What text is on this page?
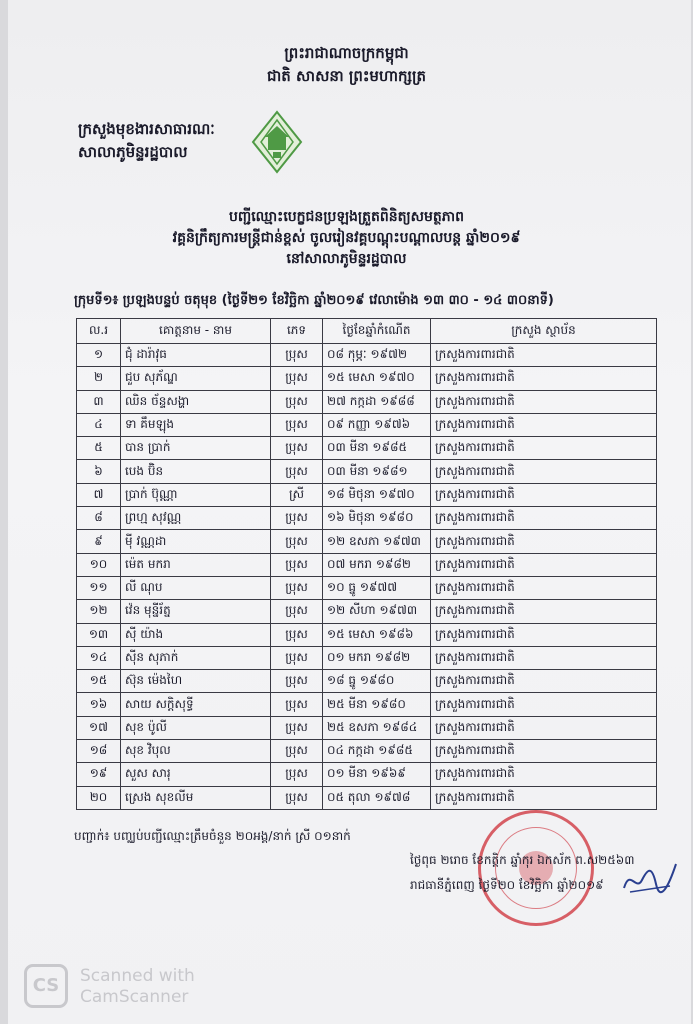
ព្រះរាជាណាចក្រកម្ពុជា
ជាតិ សាសនា ព្រះមហាក្សត្រ
ក្រសួងមុខងារសាធារណៈ
សាលាភូមិន្ទរដ្ឋបាល
បញ្ជីឈ្មោះបេក្ខជនប្រឡងត្រួតពិនិត្យសមត្ថភាព
វគ្គនិក្រឹត្យការមន្ត្រីជាន់ខ្ពស់ ចូលរៀនវគ្គបណ្តុះបណ្តាលបន្ត ឆ្នាំ២០១៩
នៅសាលាភូមិន្ទរដ្ឋបាល
ក្រុមទី១៖ ប្រឡងបន្ទប់ ចតុមុខ (ថ្ងៃទី២១ ខែវិច្ឆិកា ឆ្នាំ២០១៩ វេលាម៉ោង ១៣ ៣០ - ១៤ ៣០នាទី)
ល.រ	គោត្តនាម - នាម	ភេទ	ថ្ងៃខែឆ្នាំកំណើត	ក្រសួង ស្ថាប័ន
១	ជុំ ដារ៉ាវុធ	ប្រុស	០៨ កុម្ភៈ ១៩៧២	ក្រសួងការពារជាតិ
២	ជួប សុភ័ណ្ឌ	ប្រុស	១៥ មេសា ១៩៧០	ក្រសួងការពារជាតិ
៣	ឈិន ច័ន្ទសង្ហា	ប្រុស	២៧ កក្កដា ១៩៨៨	ក្រសួងការពារជាតិ
៤	ទា គឹមឡុង	ប្រុស	០៩ កញ្ញា ១៩៧៦	ក្រសួងការពារជាតិ
៥	បាន ប្រាក់	ប្រុស	០៣ មីនា ១៩៨៥	ក្រសួងការពារជាតិ
៦	បេង ប៊ិន	ប្រុស	០៣ មីនា ១៩៨១	ក្រសួងការពារជាតិ
៧	ប្រាក់ ប៊ុណ្ណា	ស្រី	១៨ មិថុនា ១៩៧០	ក្រសួងការពារជាតិ
៨	ព្រហ្ម សុវណ្ណ	ប្រុស	១៦ មិថុនា ១៩៨០	ក្រសួងការពារជាតិ
៩	ម៉ី វណ្ណដា	ប្រុស	១២ ឧសភា ១៩៧៣	ក្រសួងការពារជាតិ
១០	ម៉េត មករា	ប្រុស	០៧ មករា ១៩៨២	ក្រសួងការពារជាតិ
១១	លី ណុប	ប្រុស	១០ ធ្នូ ១៩៧៧	ក្រសួងការពារជាតិ
១២	វ៉េន មុន្នីរ័ត្ន	ប្រុស	១២ សីហា ១៩៧៣	ក្រសួងការពារជាតិ
១៣	ស៊ី យ៉ាង	ប្រុស	១៥ មេសា ១៩៨៦	ក្រសួងការពារជាតិ
១៤	ស៊ីន សុភាក់	ប្រុស	០១ មករា ១៩៨២	ក្រសួងការពារជាតិ
១៥	ស៊ុន ម៉េងហៃ	ប្រុស	១៨ ធ្នូ ១៩៨០	ក្រសួងការពារជាតិ
១៦	សាយ សក្តិសុទ្ធី	ប្រុស	២៥ មីនា ១៩៨០	ក្រសួងការពារជាតិ
១៧	សុខ ប៉ូលី	ប្រុស	២៥ ឧសភា ១៩៨៤	ក្រសួងការពារជាតិ
១៨	សុខ វិបុល	ប្រុស	០៤ កក្កដា ១៩៨៥	ក្រសួងការពារជាតិ
១៩	សួស សារុ	ប្រុស	០១ មីនា ១៩៦៩	ក្រសួងការពារជាតិ
២០	ស្រេង សុខលីម	ប្រុស	០៥ តុលា ១៩៧៨	ក្រសួងការពារជាតិ
បញ្ជាក់៖ បញ្ឈប់បញ្ជីឈ្មោះត្រឹមចំនួន ២០អង្គ/នាក់ ស្រី ០១នាក់
ថ្ងៃពុធ ២រោច ខែកត្តិក ឆ្នាំកុរ ឯកស័ក ព.ស២៥៦៣
រាជធានីភ្នំពេញ ថ្ងៃទី២០ ខែវិច្ឆិកា ឆ្នាំ២០១៩
CS	Scanned with
CamScanner
